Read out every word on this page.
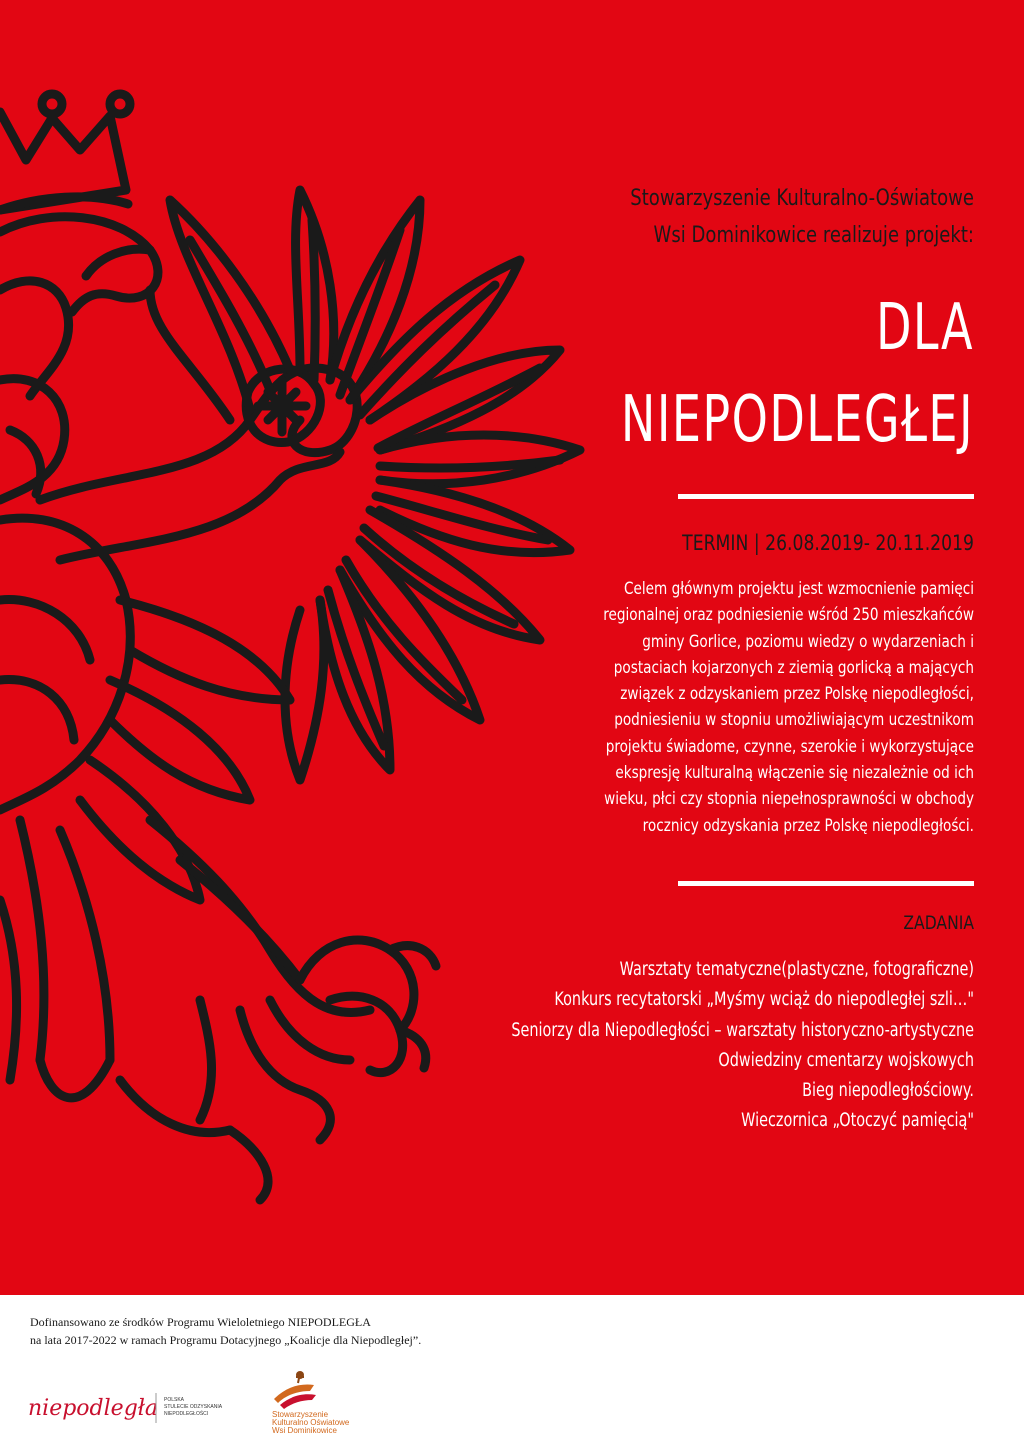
Stowarzyszenie Kulturalno-Oświatowe
Wsi Dominikowice realizuje projekt:
DLA
NIEPODLEGŁEJ
TERMIN | 26.08.2019- 20.11.2019
Celem głównym projektu jest wzmocnienie pamięci
regionalnej oraz podniesienie wśród 250 mieszkańców
gminy Gorlice, poziomu wiedzy o wydarzeniach i
postaciach kojarzonych z ziemią gorlicką a mających
związek z odzyskaniem przez Polskę niepodległości,
podniesieniu w stopniu umożliwiającym uczestnikom
projektu świadome, czynne, szerokie i wykorzystujące
ekspresję kulturalną włączenie się niezależnie od ich
wieku, płci czy stopnia niepełnosprawności w obchody
rocznicy odzyskania przez Polskę niepodległości.
ZADANIA
Warsztaty tematyczne(plastyczne, fotograficzne)
Konkurs recytatorski „Myśmy wciąż do niepodległej szli…"
Seniorzy dla Niepodległości – warsztaty historyczno-artystyczne
Odwiedziny cmentarzy wojskowych
Bieg niepodległościowy.
Wieczornica „Otoczyć pamięcią"
Dofinansowano ze środków Programu Wieloletniego NIEPODLEGŁA
na lata 2017-2022 w ramach Programu Dotacyjnego „Koalicje dla Niepodległej”.
niepodległa POLSKA
STULECIE ODZYSKANIA
NIEPODLEGŁOŚCI	Stowarzyszenie
Kulturalno Oświatowe
Wsi Dominikowice
